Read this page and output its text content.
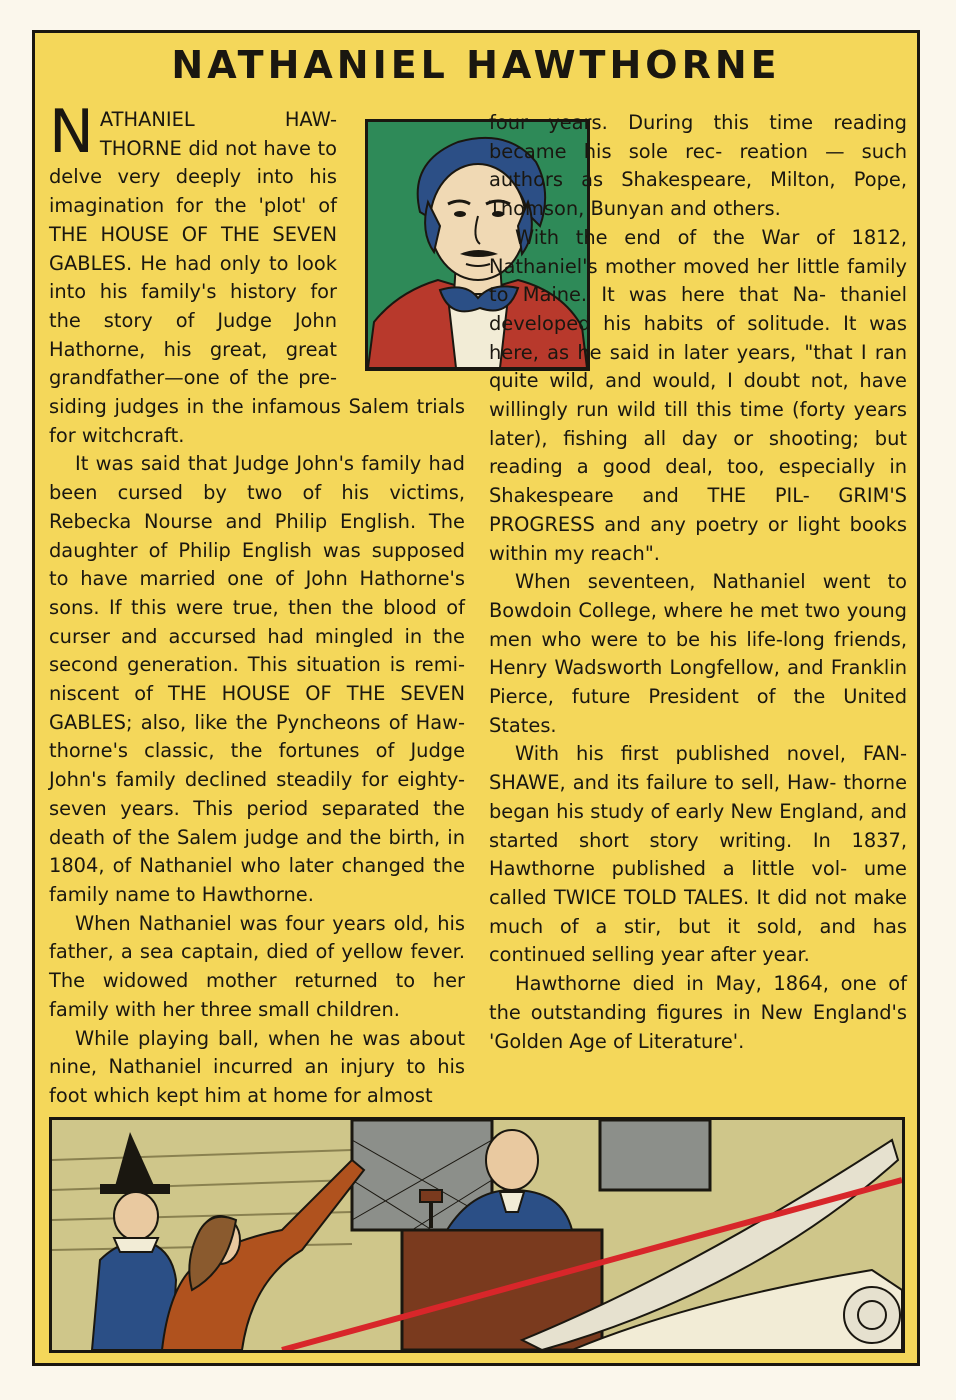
NATHANIEL HAWTHORNE

NATHANIEL HAW- THORNE did not have to delve very deeply into his imagination for the 'plot' of THE HOUSE OF THE SEVEN GABLES. He had only to look into his family's history for the story of Judge John Hathorne, his great, great grandfather—one of the pre- siding judges in the infamous Salem trials for witchcraft.

It was said that Judge John's family had been cursed by two of his victims, Rebecka Nourse and Philip English. The daughter of Philip English was supposed to have married one of John Hathorne's sons. If this were true, then the blood of curser and accursed had mingled in the second generation. This situation is remi- niscent of THE HOUSE OF THE SEVEN GABLES; also, like the Pyncheons of Haw- thorne's classic, the fortunes of Judge John's family declined steadily for eighty- seven years. This period separated the death of the Salem judge and the birth, in 1804, of Nathaniel who later changed the family name to Hawthorne.

When Nathaniel was four years old, his father, a sea captain, died of yellow fever. The widowed mother returned to her family with her three small children.

While playing ball, when he was about nine, Nathaniel incurred an injury to his foot which kept him at home for almost

four years. During this time reading became his sole rec- reation — such authors as Shakespeare, Milton, Pope, Thomson, Bunyan and others.

With the end of the War of 1812, Nathaniel's mother moved her little family to Maine. It was here that Na- thaniel developed his habits of solitude. It was here, as he said in later years, "that I ran quite wild, and would, I doubt not, have willingly run wild till this time (forty years later), fishing all day or shooting; but reading a good deal, too, especially in Shakespeare and THE PIL- GRIM'S PROGRESS and any poetry or light books within my reach".

When seventeen, Nathaniel went to Bowdoin College, where he met two young men who were to be his life-long friends, Henry Wadsworth Longfellow, and Franklin Pierce, future President of the United States.

With his first published novel, FAN- SHAWE, and its failure to sell, Haw- thorne began his study of early New England, and started short story writing. In 1837, Hawthorne published a little vol- ume called TWICE TOLD TALES. It did not make much of a stir, but it sold, and has continued selling year after year.

Hawthorne died in May, 1864, one of the outstanding figures in New England's 'Golden Age of Literature'.
